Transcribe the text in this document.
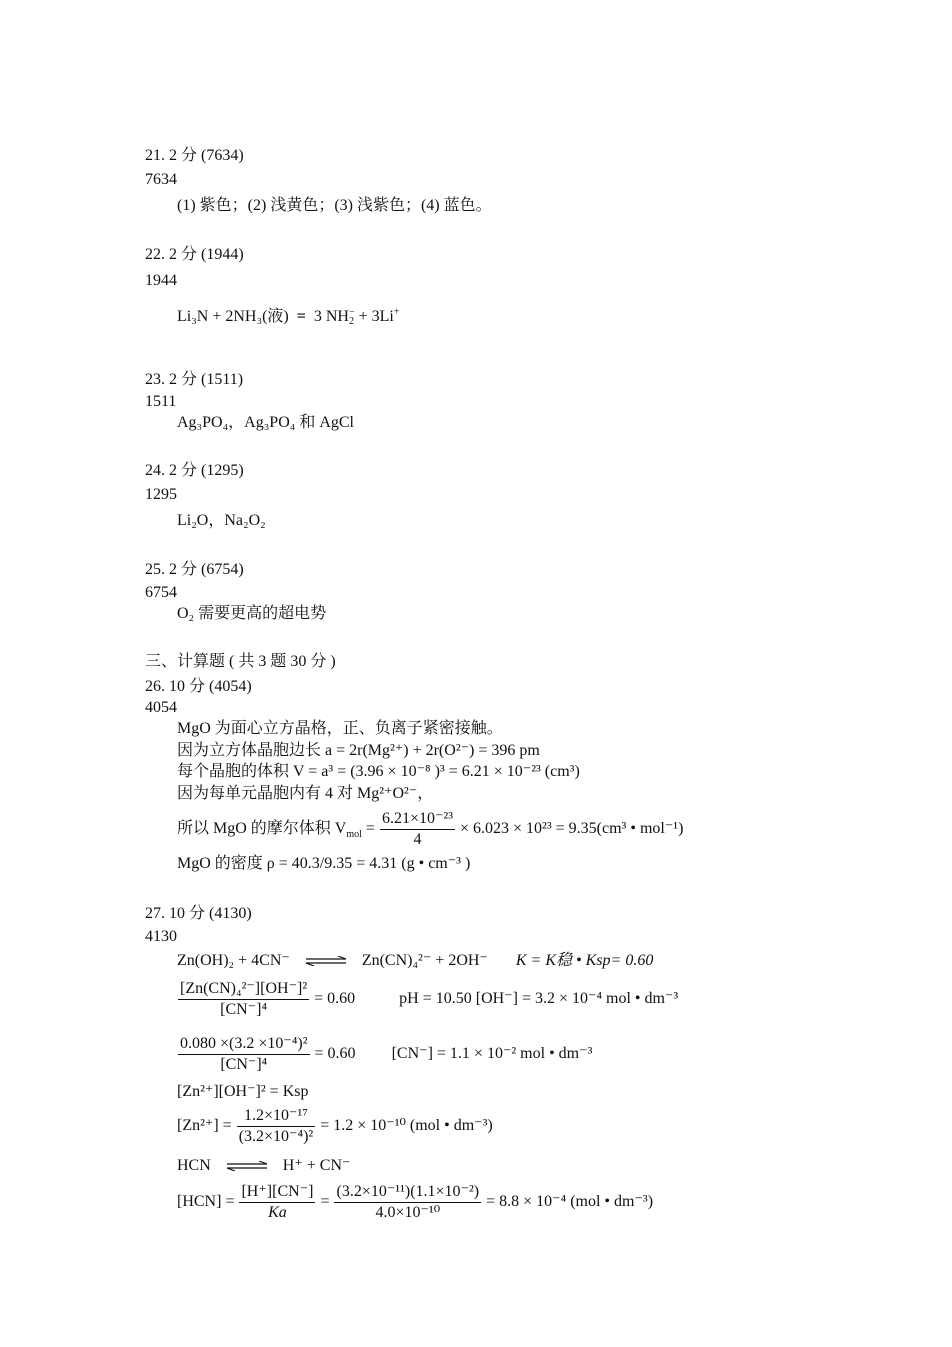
21. 2 分 (7634)
7634
(1) 紫色；(2) 浅黄色；(3) 浅紫色；(4) 蓝色。
22. 2 分 (1944)
1944
Li₃N + 2NH₃(液) = 3 NH −
2 + 3Li+
23. 2 分 (1511)
1511
Ag₃PO₄，Ag₃PO₄ 和 AgCl
24. 2 分 (1295)
1295
Li₂O，Na₂O₂
25. 2 分 (6754)
6754
O₂ 需要更高的超电势
三、计算题 ( 共 3 题 30 分 )
26. 10 分 (4054)
4054
MgO 为面心立方晶格，正、负离子紧密接触。
因为立方体晶胞边长 a = 2r(Mg²⁺) + 2r(O²⁻) = 396 pm
每个晶胞的体积 V = a³ = (3.96 × 10⁻⁸ )³ = 6.21 × 10⁻²³ (cm³)
因为每单元晶胞内有 4 对 Mg²⁺O²⁻，
所以 MgO 的摩尔体积 $V_{mol} = \frac{\text{6.21×10⁻²³}}{4} \times 6.023 \times 10^{23} = 9.35(cm^3$ • mol⁻¹)
MgO 的密度 ρ = 40.3/9.35 = 4.31 (g • cm⁻³ )
27. 10 分 (4130)
4130
Zn(OH)₂ + 4CN⁻ ⇌ Zn(CN)₄²⁻ + 2OH⁻ K = K稳 • Ksp= 0.60
$\frac{\text{[Zn(CN)₄²⁻][OH⁻]²}}{\text{[CN⁻]⁴}} = 0.60$	pH = 10.50 [OH⁻] = 3.2 × 10⁻⁴ mol • dm⁻³
$\frac{\text{0.080 ×(3.2 ×10⁻⁴)²}}{\text{[CN⁻]⁴}} = 0.60$ [CN⁻] = 1.1 × 10⁻² mol • dm⁻³
[Zn²⁺][OH⁻]² = Ksp
$[Zn^{2+}] = \frac{\text{1.2×10⁻¹⁷}}{\text{(3.2×10⁻⁴)²}} = 1.2 \times 10^{-10}$ (mol • dm⁻³)
HCN ⇌ H⁺ + CN⁻
$[HCN] = \frac{[H^+][CN^-]}{Ka} = \frac{\text{(3.2×10⁻¹¹)(1.1×10⁻²)}}{\text{4.0×10⁻¹⁰}} = 8.8 \times 10^{-4}$ (mol • dm⁻³)
